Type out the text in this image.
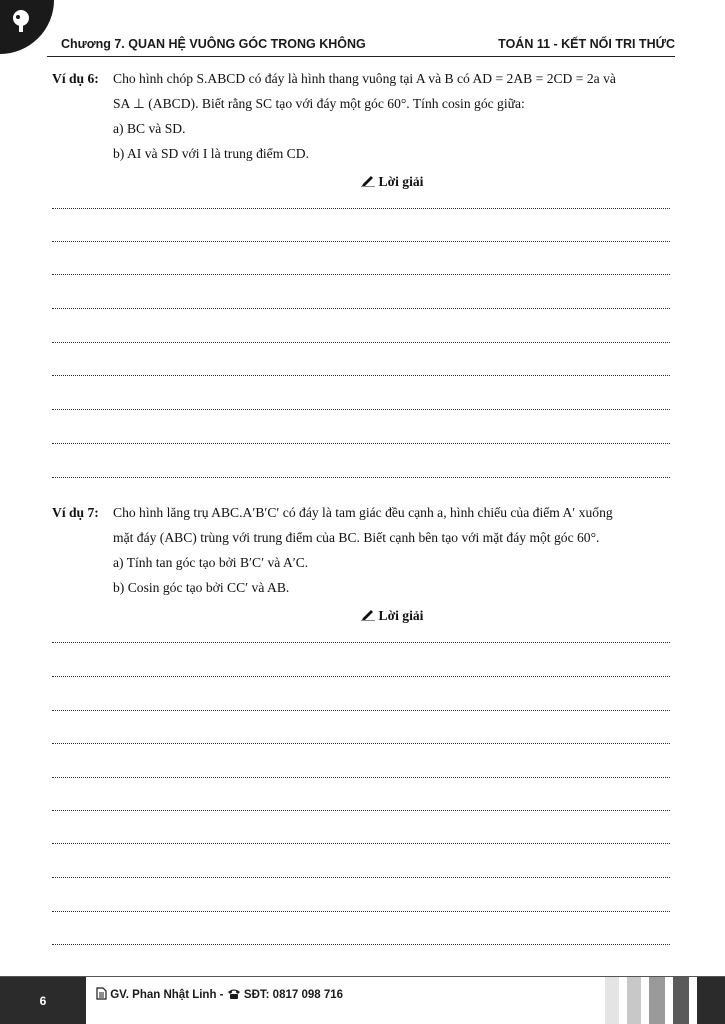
Chương 7. QUAN HỆ VUÔNG GÓC TRONG KHÔNG	TOÁN 11 - KẾT NỐI TRI THỨC
Ví dụ 6: Cho hình chóp S.ABCD có đáy là hình thang vuông tại A và B có AD = 2AB = 2CD = 2a và

SA ⊥ (ABCD). Biết rằng SC tạo với đáy một góc 60°. Tính cosin góc giữa:

a) BC và SD.

b) AI và SD với I là trung điểm CD.

Lời giải
Ví dụ 7: Cho hình lăng trụ ABC.A′B′C′ có đáy là tam giác đều cạnh a, hình chiếu của điểm A′ xuống

mặt đáy (ABC) trùng với trung điểm của BC. Biết cạnh bên tạo với mặt đáy một góc 60°.

a) Tính tan góc tạo bởi B′C′ và A′C.

b) Cosin góc tạo bởi CC′ và AB.

Lời giải
6	GV. Phan Nhật Linh - SĐT: 0817 098 716
